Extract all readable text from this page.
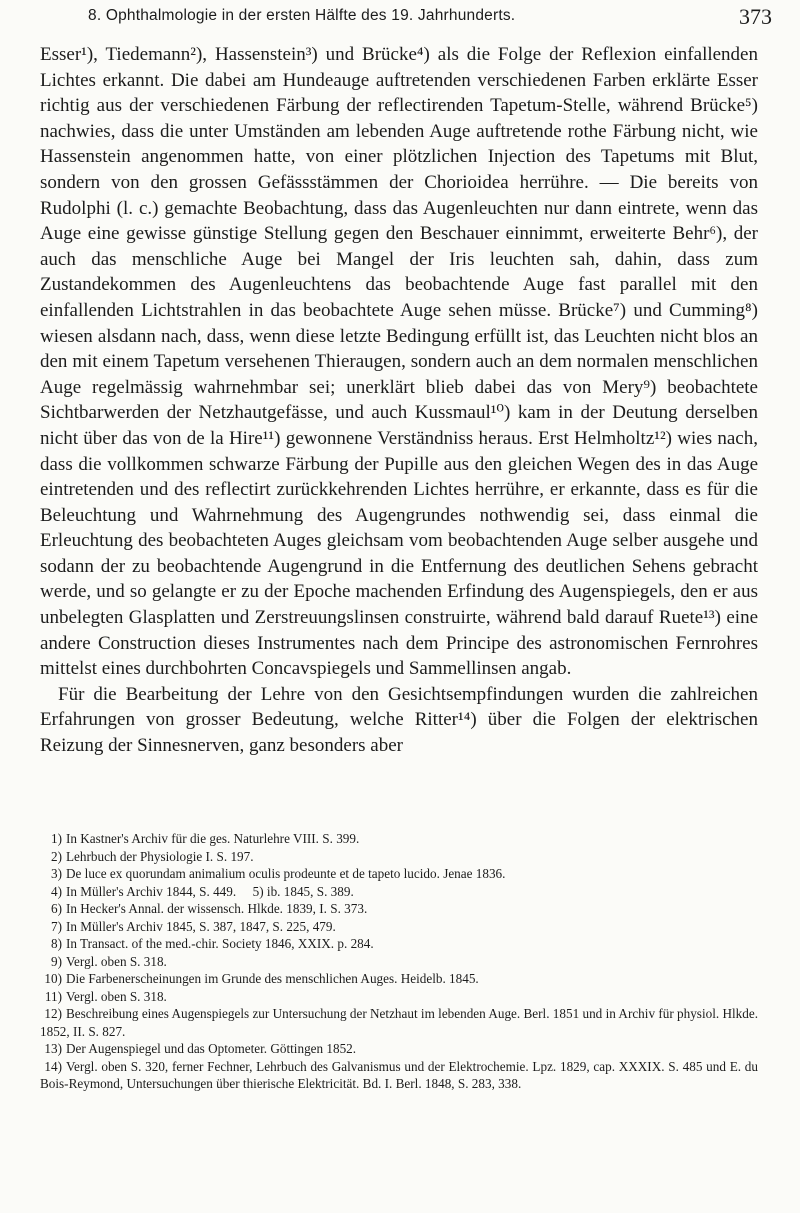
8. Ophthalmologie in der ersten Hälfte des 19. Jahrhunderts.	373

Esser¹), Tiedemann²), Hassenstein³) und Brücke⁴) als die Folge der Reflexion einfallenden Lichtes erkannt. Die dabei am Hundeauge auftretenden verschiedenen Farben erklärte Esser richtig aus der verschiedenen Färbung der reflectirenden Tapetum-Stelle, während Brücke⁵) nachwies, dass die unter Umständen am lebenden Auge auftretende rothe Färbung nicht, wie Hassenstein angenommen hatte, von einer plötzlichen Injection des Tapetums mit Blut, sondern von den grossen Gefässstämmen der Chorioidea herrühre. — Die bereits von Rudolphi (l. c.) gemachte Beobachtung, dass das Augenleuchten nur dann eintrete, wenn das Auge eine gewisse günstige Stellung gegen den Beschauer einnimmt, erweiterte Behr⁶), der auch das menschliche Auge bei Mangel der Iris leuchten sah, dahin, dass zum Zustandekommen des Augenleuchtens das beobachtende Auge fast parallel mit den einfallenden Lichtstrahlen in das beobachtete Auge sehen müsse. Brücke⁷) und Cumming⁸) wiesen alsdann nach, dass, wenn diese letzte Bedingung erfüllt ist, das Leuchten nicht blos an den mit einem Tapetum versehenen Thieraugen, sondern auch an dem normalen menschlichen Auge regelmässig wahrnehmbar sei; unerklärt blieb dabei das von Mery⁹) beobachtete Sichtbarwerden der Netzhautgefässe, und auch Kussmaul¹⁰) kam in der Deutung derselben nicht über das von de la Hire¹¹) gewonnene Verständniss heraus. Erst Helmholtz¹²) wies nach, dass die vollkommen schwarze Färbung der Pupille aus den gleichen Wegen des in das Auge eintretenden und des reflectirt zurückkehrenden Lichtes herrühre, er erkannte, dass es für die Beleuchtung und Wahrnehmung des Augengrundes nothwendig sei, dass einmal die Erleuchtung des beobachteten Auges gleichsam vom beobachtenden Auge selber ausgehe und sodann der zu beobachtende Augengrund in die Entfernung des deutlichen Sehens gebracht werde, und so gelangte er zu der Epoche machenden Erfindung des Augenspiegels, den er aus unbelegten Glasplatten und Zerstreuungslinsen construirte, während bald darauf Ruete¹³) eine andere Construction dieses Instrumentes nach dem Principe des astronomischen Fernrohres mittelst eines durchbohrten Concavspiegels und Sammellinsen angab.

Für die Bearbeitung der Lehre von den Gesichtsempfindungen wurden die zahlreichen Erfahrungen von grosser Bedeutung, welche Ritter¹⁴) über die Folgen der elektrischen Reizung der Sinnesnerven, ganz besonders aber

1) In Kastner's Archiv für die ges. Naturlehre VIII. S. 399.

2) Lehrbuch der Physiologie I. S. 197.

3) De luce ex quorundam animalium oculis prodeunte et de tapeto lucido. Jenae 1836.

4) In Müller's Archiv 1844, S. 449.     5) ib. 1845, S. 389.

6) In Hecker's Annal. der wissensch. Hlkde. 1839, I. S. 373.

7) In Müller's Archiv 1845, S. 387, 1847, S. 225, 479.

8) In Transact. of the med.-chir. Society 1846, XXIX. p. 284.

9) Vergl. oben S. 318.

10) Die Farbenerscheinungen im Grunde des menschlichen Auges. Heidelb. 1845.

11) Vergl. oben S. 318.

12) Beschreibung eines Augenspiegels zur Untersuchung der Netzhaut im lebenden Auge. Berl. 1851 und in Archiv für physiol. Hlkde. 1852, II. S. 827.

13) Der Augenspiegel und das Optometer. Göttingen 1852.

14) Vergl. oben S. 320, ferner Fechner, Lehrbuch des Galvanismus und der Elektrochemie. Lpz. 1829, cap. XXXIX. S. 485 und E. du Bois-Reymond, Untersuchungen über thierische Elektricität. Bd. I. Berl. 1848, S. 283, 338.
